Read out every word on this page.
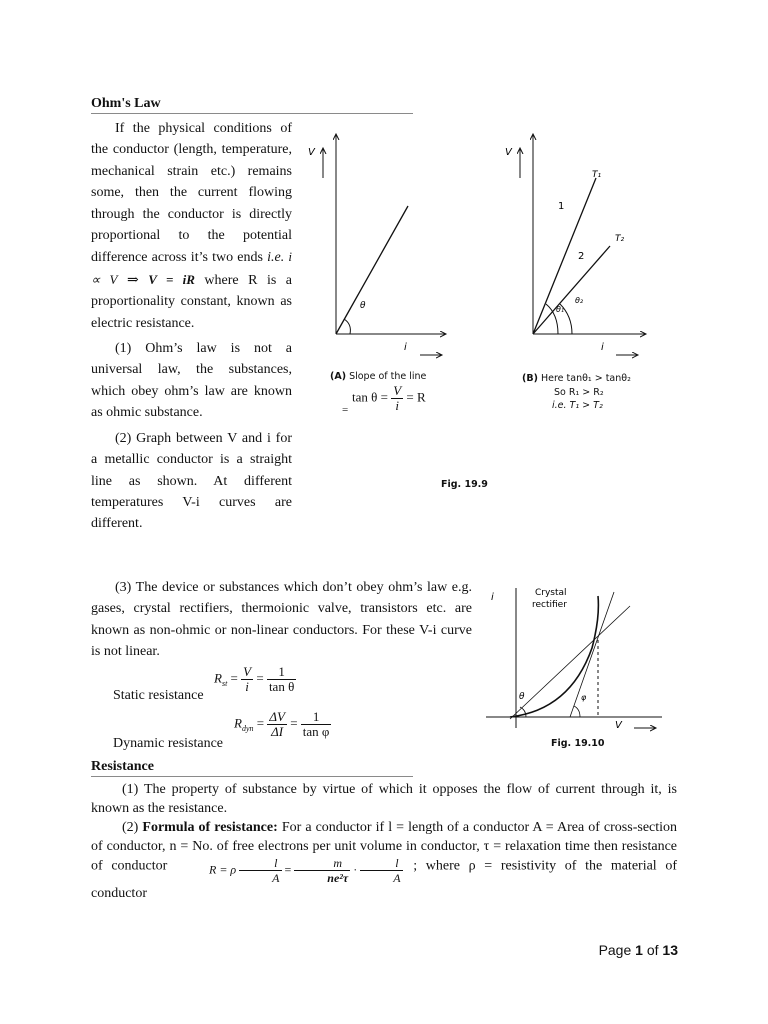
Ohm's Law

If the physical conditions of the conductor (length, temperature, mechanical strain etc.) remains some, then the current flowing through the conductor is directly proportional to the potential difference across it’s two ends i.e. i ∝ V ⇒ V = iR where R is a proportionality constant, known as electric resistance.

(1) Ohm’s law is not a universal law, the substances, which obey ohm’s law are known as ohmic substance.

(2) Graph between V and i for a metallic conductor is a straight line as shown. At different temperatures V-i curves are different.

V
i
θ
(A) Slope of the line
$\tan \theta = \frac{V}{i} = R$
=
V
i
T₁
T₂
1
2
θ₁
θ₂
(B) Here tanθ₁ > tanθ₂
So R₁ > R₂
i.e. T₁ > T₂
Fig. 19.9

(3) The device or substances which don’t obey ohm’s law e.g. gases, crystal rectifiers, thermoionic valve, transistors etc. are known as non-ohmic or non-linear conductors. For these V-i curve is not linear.

Static resistance
$R_{st} = \frac{V}{i} = \frac{1}{\text{tan θ}}$
Dynamic resistance
$R_{dyn} = \frac{\Delta V}{\Delta I} = \frac{1}{\text{tan φ}}$
i
V
Crystal
rectifier
θ	φ
Fig. 19.10
Resistance

(1) The property of substance by virtue of which it opposes the flow of current through it, is known as the resistance.

(2) Formula of resistance: For a conductor if l = length of a conductor A = Area of cross-section of conductor, n = No. of free electrons per unit volume in conductor, τ = relaxation time then resistance of conductor	R = ρ $\frac{l}{A} = \frac{m}{\text{ne²τ}} \cdot \frac{l}{A}$ ; where ρ = resistivity of the material of conductor

Page 1 of 13
